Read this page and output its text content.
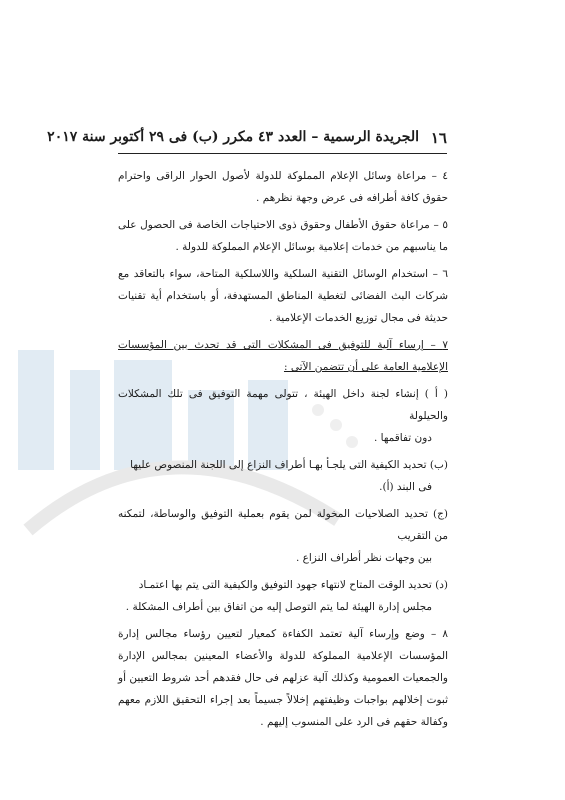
١٦
الجريدة الرسمية – العدد ٤٣ مكرر (ب) فى ٢٩ أكتوبر سنة ٢٠١٧

٤ – مراعاة وسائل الإعلام المملوكة للدولة لأصول الحوار الراقى واحترام حقوق كافة أطرافه فى عرض وجهة نظرهم .

٥ – مراعاة حقوق الأطفال وحقوق ذوى الاحتياجات الخاصة فى الحصول على ما يناسبهم من خدمات إعلامية بوسائل الإعلام المملوكة للدولة .

٦ – استخدام الوسائل التقنية السلكية واللاسلكية المتاحة، سواء بالتعاقد مع شركات البث الفضائى لتغطية المناطق المستهدفة، أو باستخدام أية تقنيات حديثة فى مجال توزيع الخدمات الإعلامية .

٧ – إرساء آلية للتوفيق فى المشكلات التى قد تحدث بين المؤسسات الإعلامية العامة على أن تتضمن الآتى :

( أ ) إنشاء لجنة داخل الهيئة ، تتولى مهمة التوفيق فى تلك المشكلات والحيلولة
دون تفاقمها .

(ب) تحديد الكيفية التى يلجـأ بهـا أطراف النزاع إلى اللجنة المنصوص عليها
فى البند (أ).

(ج) تحديد الصلاحيات المخولة لمن يقوم بعملية التوفيق والوساطة، لتمكنه من التقريب
بين وجهات نظر أطراف النزاع .

(د) تحديد الوقت المتاح لانتهاء جهود التوفيق والكيفية التى يتم بها اعتمـاد
مجلس إدارة الهيئة لما يتم التوصل إليه من اتفاق بين أطراف المشكلة .

٨ – وضع وإرساء آلية تعتمد الكفاءة كمعيار لتعيين رؤساء مجالس إدارة المؤسسات الإعلامية المملوكة للدولة والأعضاء المعينين بمجالس الإدارة والجمعيات العمومية وكذلك آلية عزلهم فى حال فقدهم أحد شروط التعيين أو ثبوت إخلالهم بواجبات وظيفتهم إخلالاً جسيماً بعد إجراء التحقيق اللازم معهم وكفالة حقهم فى الرد على المنسوب إليهم .
